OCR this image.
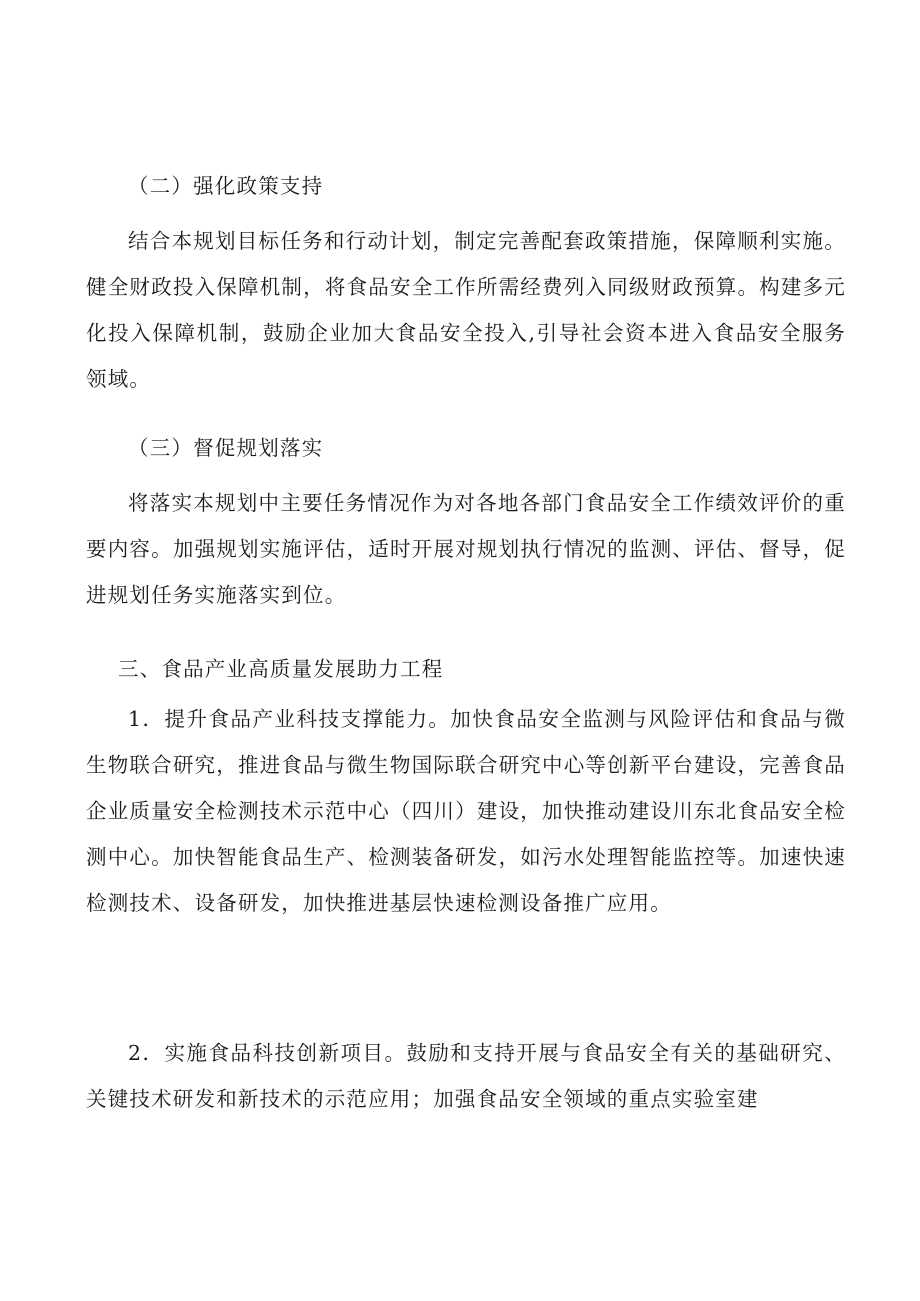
（二）强化政策支持

结合本规划目标任务和行动计划，制定完善配套政策措施，保障顺利实施。健全财政投入保障机制，将食品安全工作所需经费列入同级财政预算。构建多元化投入保障机制，鼓励企业加大食品安全投入,引导社会资本进入食品安全服务领域。

（三）督促规划落实

将落实本规划中主要任务情况作为对各地各部门食品安全工作绩效评价的重要内容。加强规划实施评估，适时开展对规划执行情况的监测、评估、督导，促进规划任务实施落实到位。

三、食品产业高质量发展助力工程

1．提升食品产业科技支撑能力。加快食品安全监测与风险评估和食品与微生物联合研究，推进食品与微生物国际联合研究中心等创新平台建设，完善食品企业质量安全检测技术示范中心（四川）建设，加快推动建设川东北食品安全检测中心。加快智能食品生产、检测装备研发，如污水处理智能监控等。加速快速检测技术、设备研发，加快推进基层快速检测设备推广应用。

2．实施食品科技创新项目。鼓励和支持开展与食品安全有关的基础研究、关键技术研发和新技术的示范应用；加强食品安全领域的重点实验室建
